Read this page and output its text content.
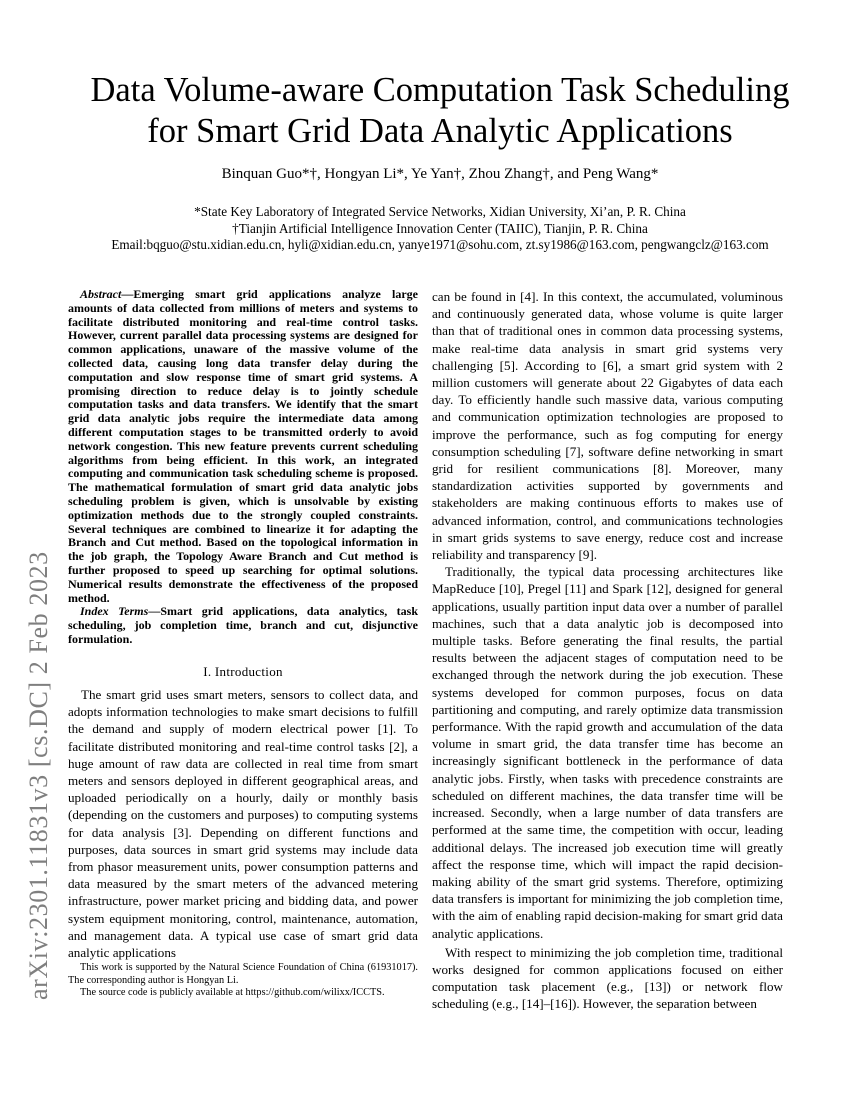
arXiv:2301.11831v3 [cs.DC] 2 Feb 2023
Data Volume-aware Computation Task Scheduling
for Smart Grid Data Analytic Applications
Binquan Guo*†, Hongyan Li*, Ye Yan†, Zhou Zhang†, and Peng Wang*
*State Key Laboratory of Integrated Service Networks, Xidian University, Xi’an, P. R. China
†Tianjin Artificial Intelligence Innovation Center (TAIIC), Tianjin, P. R. China
Email:bqguo@stu.xidian.edu.cn, hyli@xidian.edu.cn, yanye1971@sohu.com, zt.sy1986@163.com, pengwangclz@163.com

Abstract—Emerging smart grid applications analyze large amounts of data collected from millions of meters and systems to facilitate distributed monitoring and real-time control tasks. However, current parallel data processing systems are designed for common applications, unaware of the massive volume of the collected data, causing long data transfer delay during the computation and slow response time of smart grid systems. A promising direction to reduce delay is to jointly schedule computation tasks and data transfers. We identify that the smart grid data analytic jobs require the intermediate data among different computation stages to be transmitted orderly to avoid network congestion. This new feature prevents current scheduling algorithms from being efficient. In this work, an integrated computing and communication task scheduling scheme is proposed. The mathematical formulation of smart grid data analytic jobs scheduling problem is given, which is unsolvable by existing optimization methods due to the strongly coupled constraints. Several techniques are combined to linearize it for adapting the Branch and Cut method. Based on the topological information in the job graph, the Topology Aware Branch and Cut method is further proposed to speed up searching for optimal solutions. Numerical results demonstrate the effectiveness of the proposed method.

Index Terms—Smart grid applications, data analytics, task scheduling, job completion time, branch and cut, disjunctive formulation.

I. Introduction

The smart grid uses smart meters, sensors to collect data, and adopts information technologies to make smart decisions to fulfill the demand and supply of modern electrical power [1]. To facilitate distributed monitoring and real-time control tasks [2], a huge amount of raw data are collected in real time from smart meters and sensors deployed in different geographical areas, and uploaded periodically on a hourly, daily or monthly basis (depending on the customers and purposes) to computing systems for data analysis [3]. Depending on different functions and purposes, data sources in smart grid systems may include data from phasor measurement units, power consumption patterns and data measured by the smart meters of the advanced metering infrastructure, power market pricing and bidding data, and power system equipment monitoring, control, maintenance, automation, and management data. A typical use case of smart grid data analytic applications

can be found in [4]. In this context, the accumulated, voluminous and continuously generated data, whose volume is quite larger than that of traditional ones in common data processing systems, make real-time data analysis in smart grid systems very challenging [5]. According to [6], a smart grid system with 2 million customers will generate about 22 Gigabytes of data each day. To efficiently handle such massive data, various computing and communication optimization technologies are proposed to improve the performance, such as fog computing for energy consumption scheduling [7], software define networking in smart grid for resilient communications [8]. Moreover, many standardization activities supported by governments and stakeholders are making continuous efforts to makes use of advanced information, control, and communications technologies in smart grids systems to save energy, reduce cost and increase reliability and transparency [9].

Traditionally, the typical data processing architectures like MapReduce [10], Pregel [11] and Spark [12], designed for general applications, usually partition input data over a number of parallel machines, such that a data analytic job is decomposed into multiple tasks. Before generating the final results, the partial results between the adjacent stages of computation need to be exchanged through the network during the job execution. These systems developed for common purposes, focus on data partitioning and computing, and rarely optimize data transmission performance. With the rapid growth and accumulation of the data volume in smart grid, the data transfer time has become an increasingly significant bottleneck in the performance of data analytic jobs. Firstly, when tasks with precedence constraints are scheduled on different machines, the data transfer time will be increased. Secondly, when a large number of data transfers are performed at the same time, the competition with occur, leading additional delays. The increased job execution time will greatly affect the response time, which will impact the rapid decision-making ability of the smart grid systems. Therefore, optimizing data transfers is important for minimizing the job completion time, with the aim of enabling rapid decision-making for smart grid data analytic applications.

With respect to minimizing the job completion time, traditional works designed for common applications focused on either computation task placement (e.g., [13]) or network flow scheduling (e.g., [14]–[16]). However, the separation between

This work is supported by the Natural Science Foundation of China (61931017). The corresponding author is Hongyan Li.

The source code is publicly available at https://github.com/wilixx/ICCTS.
